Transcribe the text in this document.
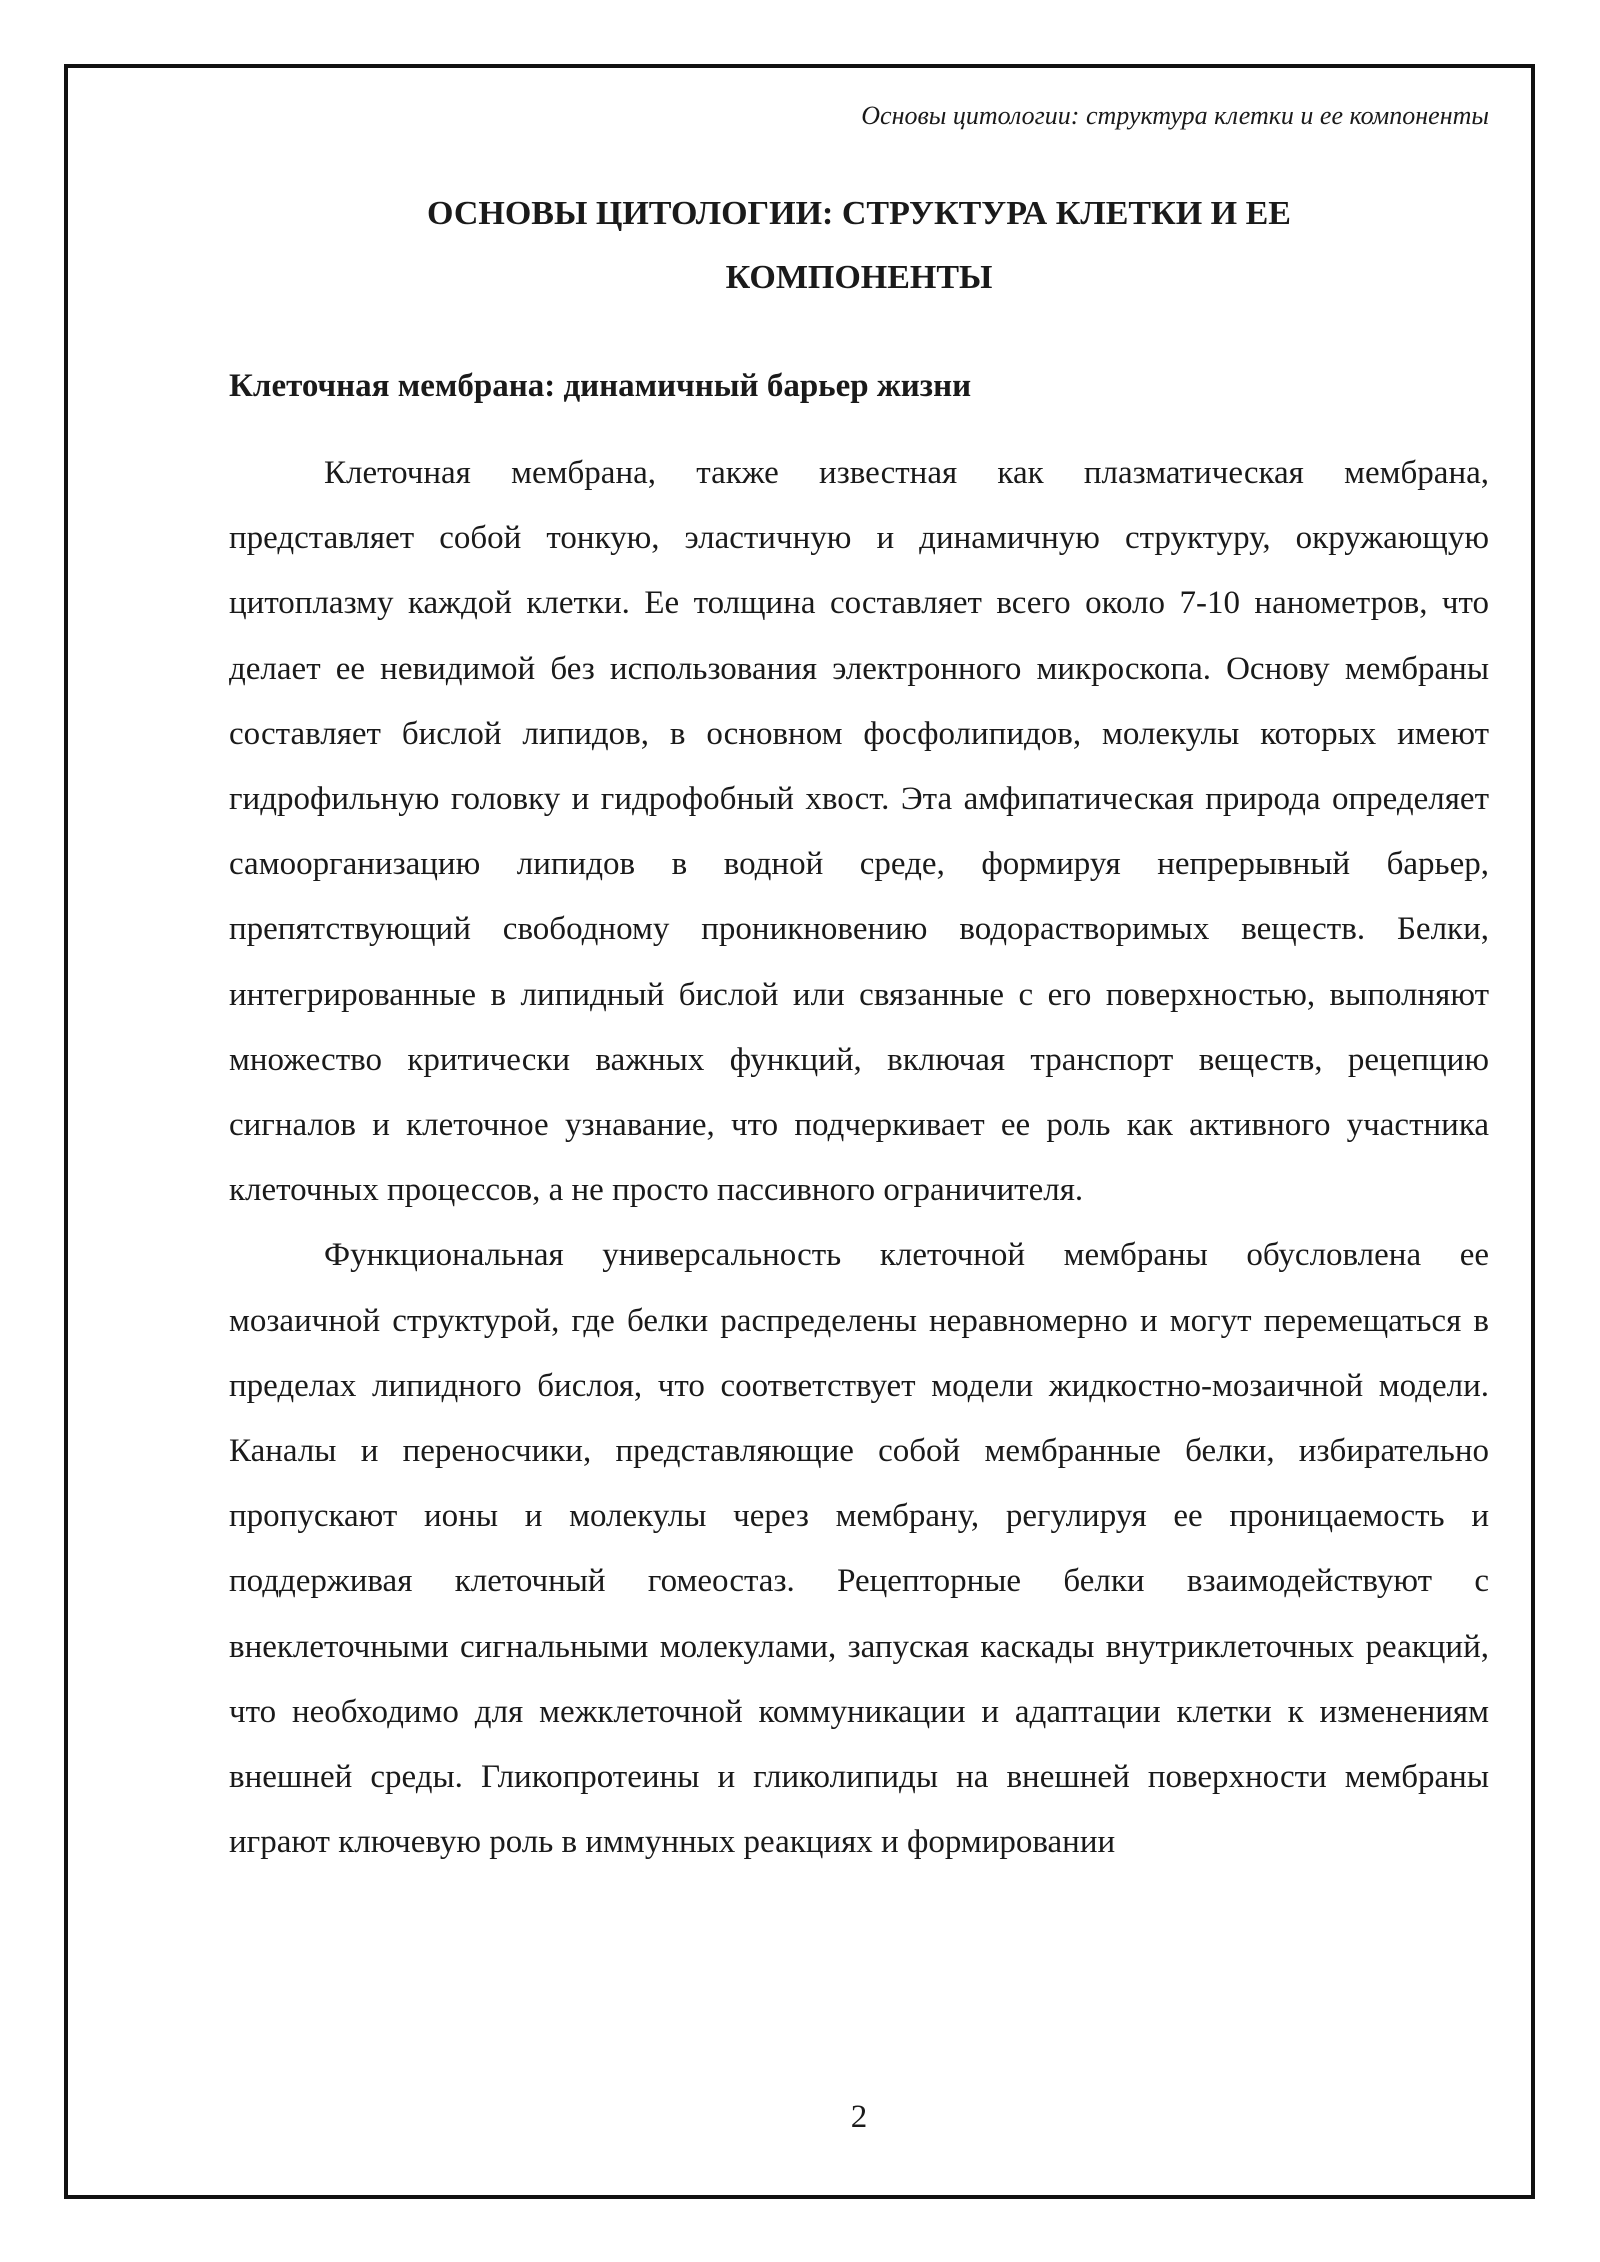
Основы цитологии: структура клетки и ее компоненты
ОСНОВЫ ЦИТОЛОГИИ: СТРУКТУРА КЛЕТКИ И ЕЕ
КОМПОНЕНТЫ
Клеточная мембрана: динамичный барьер жизни

Клеточная мембрана, также известная как плазматическая мембрана, представляет собой тонкую, эластичную и динамичную структуру, окружающую цитоплазму каждой клетки. Ее толщина составляет всего около 7-10 нанометров, что делает ее невидимой без использования электронного микроскопа. Основу мембраны составляет бислой липидов, в основном фосфолипидов, молекулы которых имеют гидрофильную головку и гидрофобный хвост. Эта амфипатическая природа определяет самоорганизацию липидов в водной среде, формируя непрерывный барьер, препятствующий свободному проникновению водорастворимых веществ. Белки, интегрированные в липидный бислой или связанные с его поверхностью, выполняют множество критически важных функций, включая транспорт веществ, рецепцию сигналов и клеточное узнавание, что подчеркивает ее роль как активного участника клеточных процессов, а не просто пассивного ограничителя.

Функциональная универсальность клеточной мембраны обусловлена ее мозаичной структурой, где белки распределены неравномерно и могут перемещаться в пределах липидного бислоя, что соответствует модели жидкостно-мозаичной модели. Каналы и переносчики, представляющие собой мембранные белки, избирательно пропускают ионы и молекулы через мембрану, регулируя ее проницаемость и поддерживая клеточный гомеостаз. Рецепторные белки взаимодействуют с внеклеточными сигнальными молекулами, запуская каскады внутриклеточных реакций, что необходимо для межклеточной коммуникации и адаптации клетки к изменениям внешней среды. Гликопротеины и гликолипиды на внешней поверхности мембраны играют ключевую роль в иммунных реакциях и формировании

2
